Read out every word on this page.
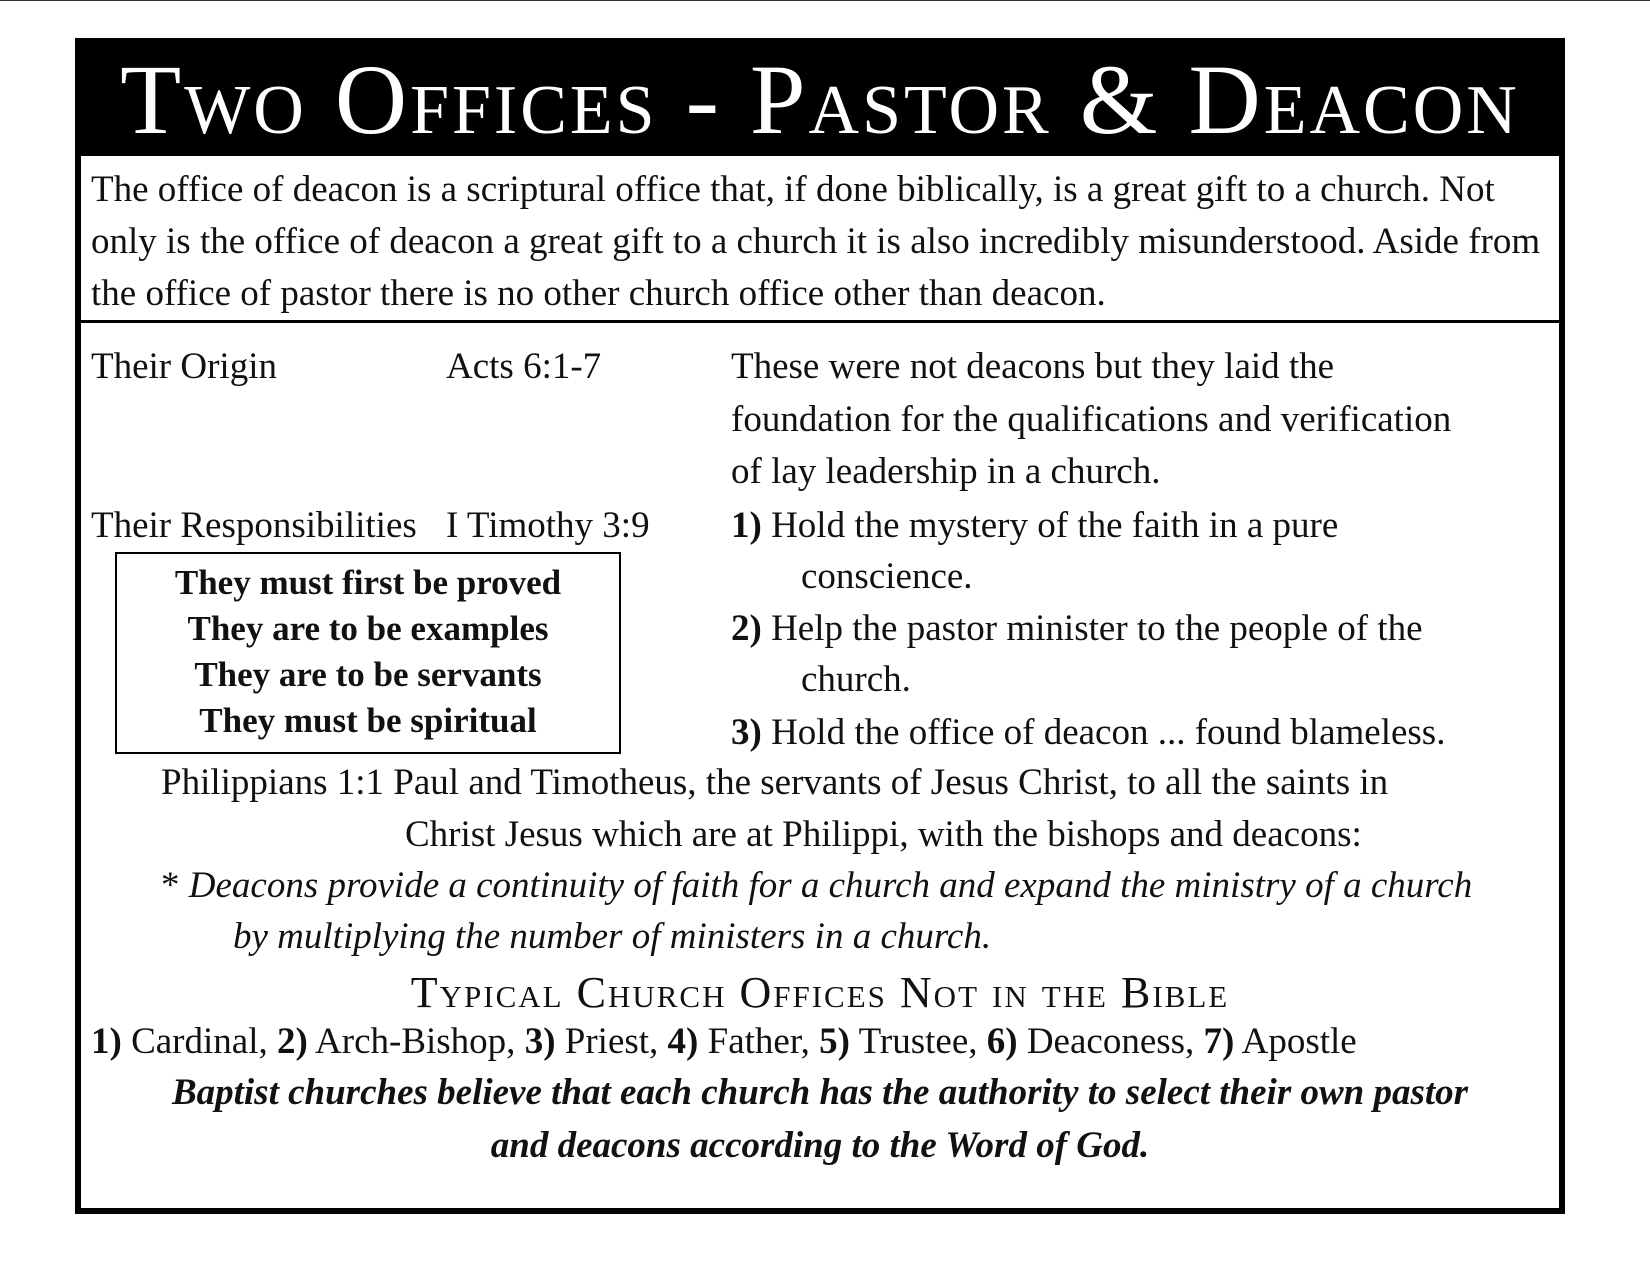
Two Offices - Pastor & Deacon
The office of deacon is a scriptural office that, if done biblically, is a great gift to a church. Not only is the office of deacon a great gift to a church it is also incredibly misunderstood. Aside from the office of pastor there is no other church office other than deacon.
Their Origin	Acts 6:1-7	These were not deacons but they laid the
foundation for the qualifications and verification
of lay leadership in a church.
Their Responsibilities I Timothy 3:9 1) Hold the mystery of the faith in a pure
conscience.
2) Help the pastor minister to the people of the
church.
3) Hold the office of deacon ... found blameless.
They must first be proved
They are to be examples
They are to be servants
They must be spiritual
Philippians 1:1 Paul and Timotheus, the servants of Jesus Christ, to all the saints in
Christ Jesus which are at Philippi, with the bishops and deacons:
* Deacons provide a continuity of faith for a church and expand the ministry of a church
by multiplying the number of ministers in a church.
Typical Church Offices Not in the Bible
1) Cardinal, 2) Arch-Bishop, 3) Priest, 4) Father, 5) Trustee, 6) Deaconess, 7) Apostle
Baptist churches believe that each church has the authority to select their own pastor
and deacons according to the Word of God.
